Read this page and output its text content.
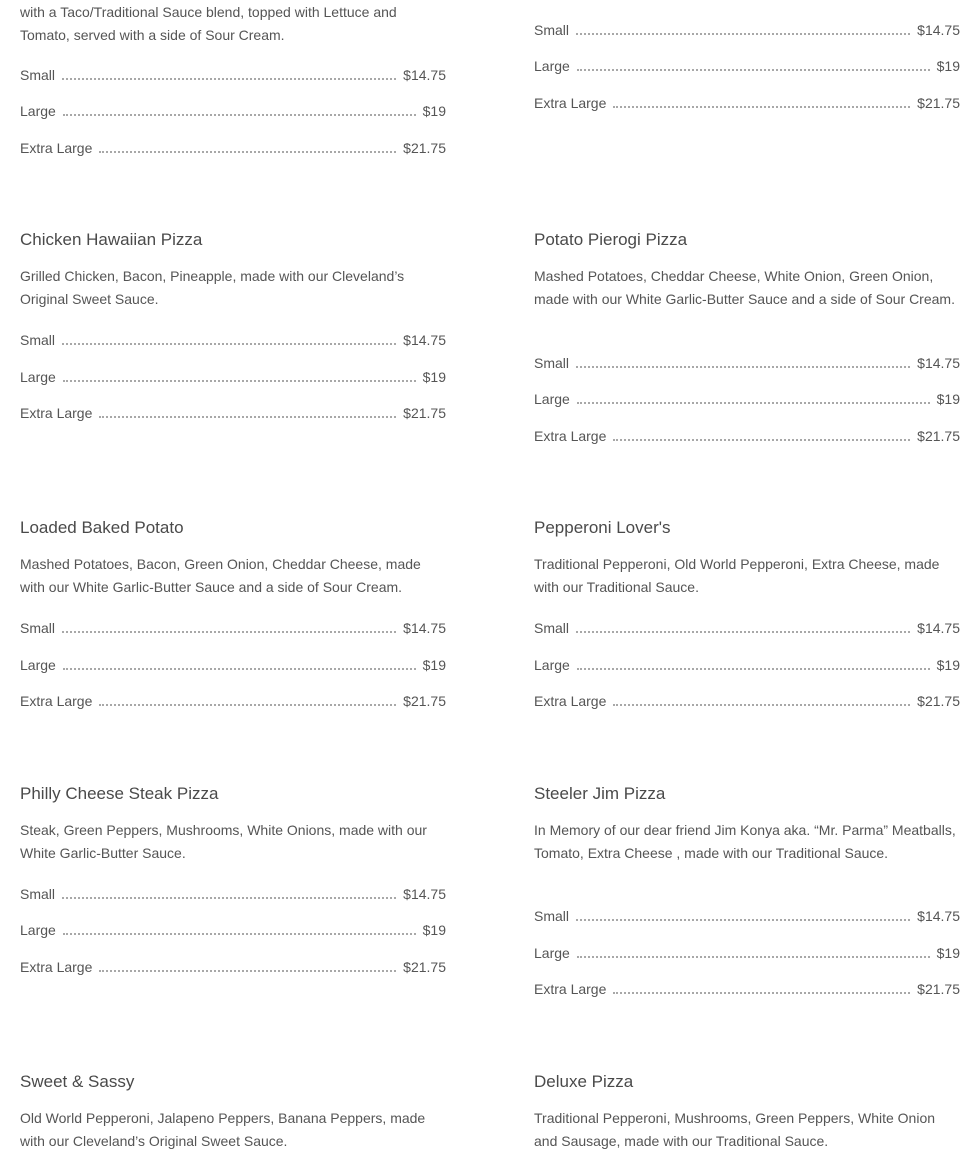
with a Taco/Traditional Sauce blend, topped with Lettuce and Tomato, served with a side of Sour Cream.

Small	$14.75
Large	$19
Extra Large	$21.75
Small	$14.75
Large	$19
Extra Large	$21.75
Chicken Hawaiian Pizza

Grilled Chicken, Bacon, Pineapple, made with our Cleveland’s Original Sweet Sauce.

Small	$14.75
Large	$19
Extra Large	$21.75
Potato Pierogi Pizza

Mashed Potatoes, Cheddar Cheese, White Onion, Green Onion, made with our White Garlic-Butter Sauce and a side of Sour Cream.

Small	$14.75
Large	$19
Extra Large	$21.75
Loaded Baked Potato

Mashed Potatoes, Bacon, Green Onion, Cheddar Cheese, made with our White Garlic-Butter Sauce and a side of Sour Cream.

Small	$14.75
Large	$19
Extra Large	$21.75
Pepperoni Lover's

Traditional Pepperoni, Old World Pepperoni, Extra Cheese, made with our Traditional Sauce.

Small	$14.75
Large	$19
Extra Large	$21.75
Philly Cheese Steak Pizza

Steak, Green Peppers, Mushrooms, White Onions, made with our White Garlic-Butter Sauce.

Small	$14.75
Large	$19
Extra Large	$21.75
Steeler Jim Pizza

In Memory of our dear friend Jim Konya aka. “Mr. Parma” Meatballs, Tomato, Extra Cheese , made with our Traditional Sauce.

Small	$14.75
Large	$19
Extra Large	$21.75
Sweet & Sassy

Old World Pepperoni, Jalapeno Peppers, Banana Peppers, made with our Cleveland’s Original Sweet Sauce.

Deluxe Pizza

Traditional Pepperoni, Mushrooms, Green Peppers, White Onion and Sausage, made with our Traditional Sauce.
